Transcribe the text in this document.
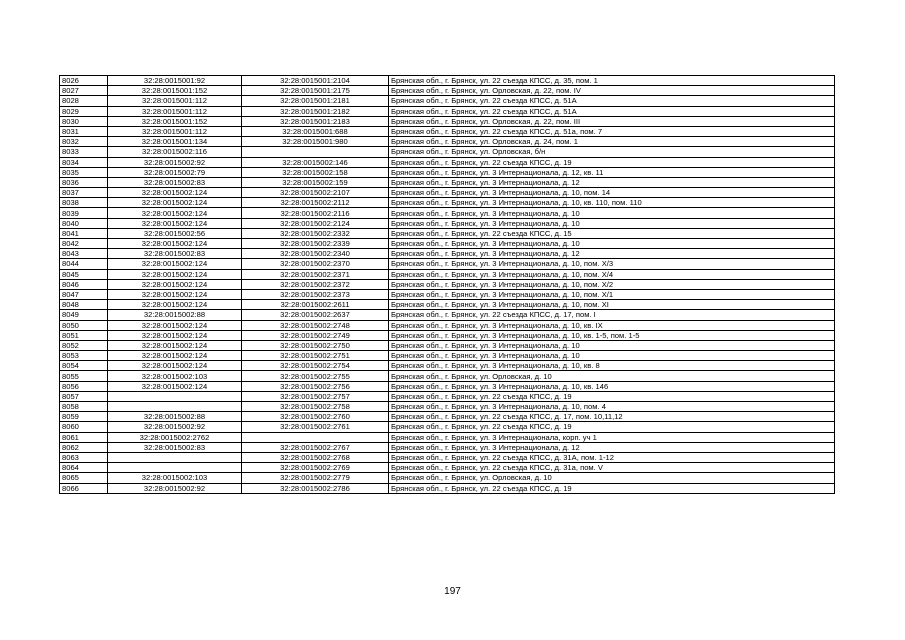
8026	32:28:0015001:92	32:28:0015001:2104	Брянская обл., г. Брянск, ул. 22 съезда КПСС, д. 35, пом. 1
8027	32:28:0015001:152	32:28:0015001:2175	Брянская обл., г. Брянск, ул. Орловская, д. 22, пом. IV
8028	32:28:0015001:112	32:28:0015001:2181	Брянская обл., г. Брянск, ул. 22 съезда КПСС, д. 51А
8029	32:28:0015001:112	32:28:0015001:2182	Брянская обл., г. Брянск, ул. 22 съезда КПСС, д. 51А
8030	32:28:0015001:152	32:28:0015001:2183	Брянская обл., г. Брянск, ул. Орловская, д. 22, пом. III
8031	32:28:0015001:112	32:28:0015001:688	Брянская обл., г. Брянск, ул. 22 съезда КПСС, д. 51а, пом. 7
8032	32:28:0015001:134	32:28:0015001:980	Брянская обл., г. Брянск, ул. Орловская, д. 24, пом. 1
8033	32:28:0015002:116		Брянская обл., г. Брянск, ул. Орловская, б/н
8034	32:28:0015002:92	32:28:0015002:146	Брянская обл., г. Брянск, ул. 22 съезда КПСС, д. 19
8035	32:28:0015002:79	32:28:0015002:158	Брянская обл., г. Брянск, ул. 3 Интернационала, д. 12, кв. 11
8036	32:28:0015002:83	32:28:0015002:159	Брянская обл., г. Брянск, ул. 3 Интернационала, д. 12
8037	32:28:0015002:124	32:28:0015002:2107	Брянская обл., г. Брянск, ул. 3 Интернационала, д. 10, пом. 14
8038	32:28:0015002:124	32:28:0015002:2112	Брянская обл., г. Брянск, ул. 3 Интернационала, д. 10, кв. 110, пом. 110
8039	32:28:0015002:124	32:28:0015002:2116	Брянская обл., г. Брянск, ул. 3 Интернационала, д. 10
8040	32:28:0015002:124	32:28:0015002:2124	Брянская обл., г. Брянск, ул. 3 Интернационала, д. 10
8041	32:28:0015002:56	32:28:0015002:2332	Брянская обл., г. Брянск, ул. 22 съезда КПСС, д. 15
8042	32:28:0015002:124	32:28:0015002:2339	Брянская обл., г. Брянск, ул. 3 Интернационала, д. 10
8043	32:28:0015002:83	32:28:0015002:2340	Брянская обл., г. Брянск, ул. 3 Интернационала, д. 12
8044	32:28:0015002:124	32:28:0015002:2370	Брянская обл., г. Брянск, ул. 3 Интернационала, д. 10, пом. Х/3
8045	32:28:0015002:124	32:28:0015002:2371	Брянская обл., г. Брянск, ул. 3 Интернационала, д. 10, пом. Х/4
8046	32:28:0015002:124	32:28:0015002:2372	Брянская обл., г. Брянск, ул. 3 Интернационала, д. 10, пом. Х/2
8047	32:28:0015002:124	32:28:0015002:2373	Брянская обл., г. Брянск, ул. 3 Интернационала, д. 10, пом. Х/1
8048	32:28:0015002:124	32:28:0015002:2611	Брянская обл., г. Брянск, ул. 3 Интернационала, д. 10, пом. XI
8049	32:28:0015002:88	32:28:0015002:2637	Брянская обл., г. Брянск, ул. 22 съезда КПСС, д. 17, пом. I
8050	32:28:0015002:124	32:28:0015002:2748	Брянская обл., г. Брянск, ул. 3 Интернационала, д. 10, кв. IX
8051	32:28:0015002:124	32:28:0015002:2749	Брянская обл., г. Брянск, ул. 3 Интернационала, д. 10, кв. 1-5, пом. 1-5
8052	32:28:0015002:124	32:28:0015002:2750	Брянская обл., г. Брянск, ул. 3 Интернационала, д. 10
8053	32:28:0015002:124	32:28:0015002:2751	Брянская обл., г. Брянск, ул. 3 Интернационала, д. 10
8054	32:28:0015002:124	32:28:0015002:2754	Брянская обл., г. Брянск, ул. 3 Интернационала, д. 10, кв. 8
8055	32:28:0015002:103	32:28:0015002:2755	Брянская обл., г. Брянск, ул. Орловская, д. 10
8056	32:28:0015002:124	32:28:0015002:2756	Брянская обл., г. Брянск, ул. 3 Интернационала, д. 10, кв. 146
8057		32:28:0015002:2757	Брянская обл., г. Брянск, ул. 22 съезда КПСС, д. 19
8058		32:28:0015002:2758	Брянская обл., г. Брянск, ул. 3 Интернационала, д. 10, пом. 4
8059	32:28:0015002:88	32:28:0015002:2760	Брянская обл., г. Брянск, ул. 22 съезда КПСС, д. 17, пом. 10,11,12
8060	32:28:0015002:92	32:28:0015002:2761	Брянская обл., г. Брянск, ул. 22 съезда КПСС, д. 19
8061	32:28:0015002:2762		Брянская обл., г. Брянск, ул. 3 Интернационала, корп. уч 1
8062	32:28:0015002:83	32:28:0015002:2767	Брянская обл., г. Брянск, ул. 3 Интернационала, д. 12
8063		32:28:0015002:2768	Брянская обл., г. Брянск, ул. 22 съезда КПСС, д. 31А, пом. 1-12
8064		32:28:0015002:2769	Брянская обл., г. Брянск, ул. 22 съезда КПСС, д. 31а, пом. V
8065	32:28:0015002:103	32:28:0015002:2779	Брянская обл., г. Брянск, ул. Орловская, д. 10
8066	32:28:0015002:92	32:28:0015002:2786	Брянская обл., г. Брянск, ул. 22 съезда КПСС, д. 19
197
